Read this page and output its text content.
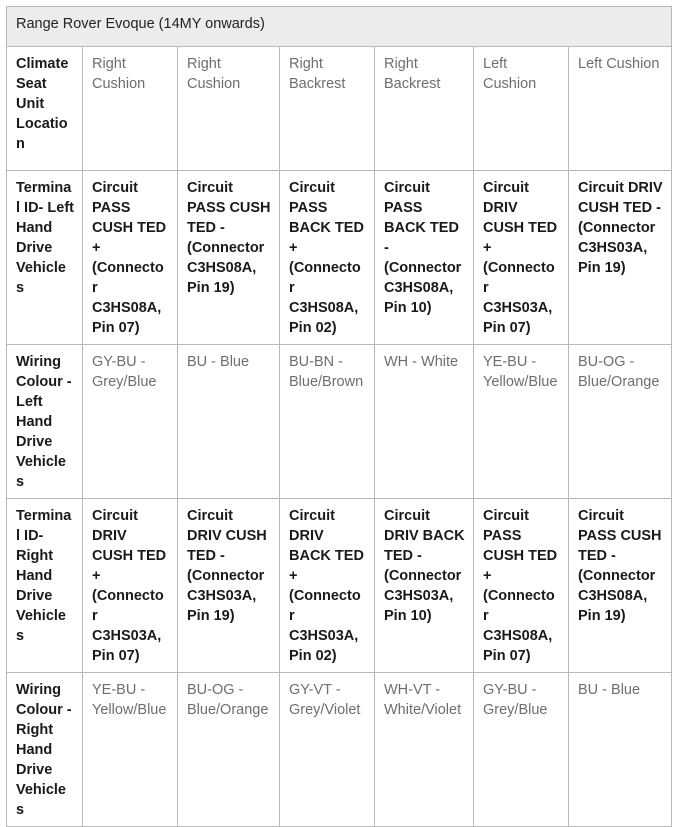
Range Rover Evoque (14MY onwards)						
Climate Seat Unit Location	Right Cushion	Right Cushion	Right Backrest	Right Backrest	Left Cushion	Left Cushion
Terminal ID- Left Hand Drive Vehicles	Circuit PASS CUSH TED + (Connector C3HS08A, Pin 07)	Circuit PASS CUSH TED - (Connector C3HS08A, Pin 19)	Circuit PASS BACK TED + (Connector C3HS08A, Pin 02)	Circuit PASS BACK TED - (Connector C3HS08A, Pin 10)	Circuit DRIV CUSH TED + (Connector C3HS03A, Pin 07)	Circuit DRIV CUSH TED - (Connector C3HS03A, Pin 19)
Wiring Colour - Left Hand Drive Vehicles	GY-BU - Grey/Blue	BU - Blue	BU-BN - Blue/Brown	WH - White	YE-BU - Yellow/Blue	BU-OG - Blue/Orange
Terminal ID- Right Hand Drive Vehicles	Circuit DRIV CUSH TED + (Connector C3HS03A, Pin 07)	Circuit DRIV CUSH TED - (Connector C3HS03A, Pin 19)	Circuit DRIV BACK TED + (Connector C3HS03A, Pin 02)	Circuit DRIV BACK TED - (Connector C3HS03A, Pin 10)	Circuit PASS CUSH TED + (Connector C3HS08A, Pin 07)	Circuit PASS CUSH TED - (Connector C3HS08A, Pin 19)
Wiring Colour - Right Hand Drive Vehicles	YE-BU - Yellow/Blue	BU-OG - Blue/Orange	GY-VT - Grey/Violet	WH-VT - White/Violet	GY-BU - Grey/Blue	BU - Blue
